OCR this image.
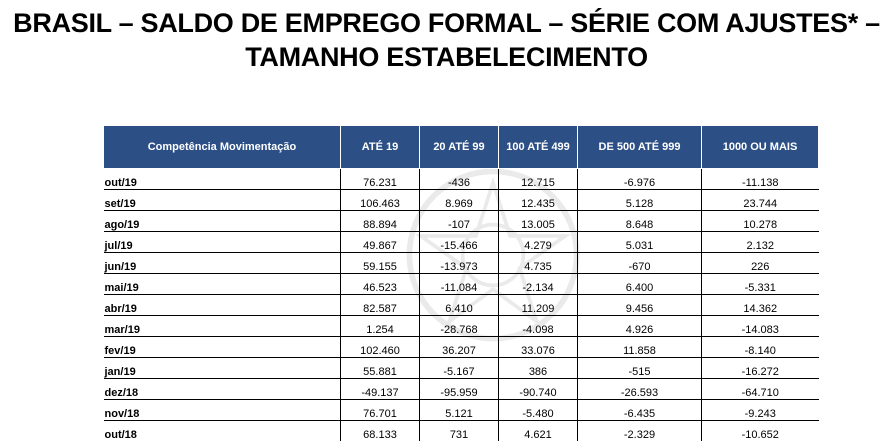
BRASIL – SALDO DE EMPREGO FORMAL – SÉRIE COM AJUSTES* –
TAMANHO ESTABELECIMENTO
Competência Movimentação	ATÉ 19	20 ATÉ 99	100 ATÉ 499	DE 500 ATÉ 999	1000 OU MAIS
out/19	76.231	-436	12.715	-6.976	-11.138
set/19	106.463	8.969	12.435	5.128	23.744
ago/19	88.894	-107	13.005	8.648	10.278
jul/19	49.867	-15.466	4.279	5.031	2.132
jun/19	59.155	-13.973	4.735	-670	226
mai/19	46.523	-11.084	-2.134	6.400	-5.331
abr/19	82.587	6.410	11.209	9.456	14.362
mar/19	1.254	-28.768	-4.098	4.926	-14.083
fev/19	102.460	36.207	33.076	11.858	-8.140
jan/19	55.881	-5.167	386	-515	-16.272
dez/18	-49.137	-95.959	-90.740	-26.593	-64.710
nov/18	76.701	5.121	-5.480	-6.435	-9.243
out/18	68.133	731	4.621	-2.329	-10.652
